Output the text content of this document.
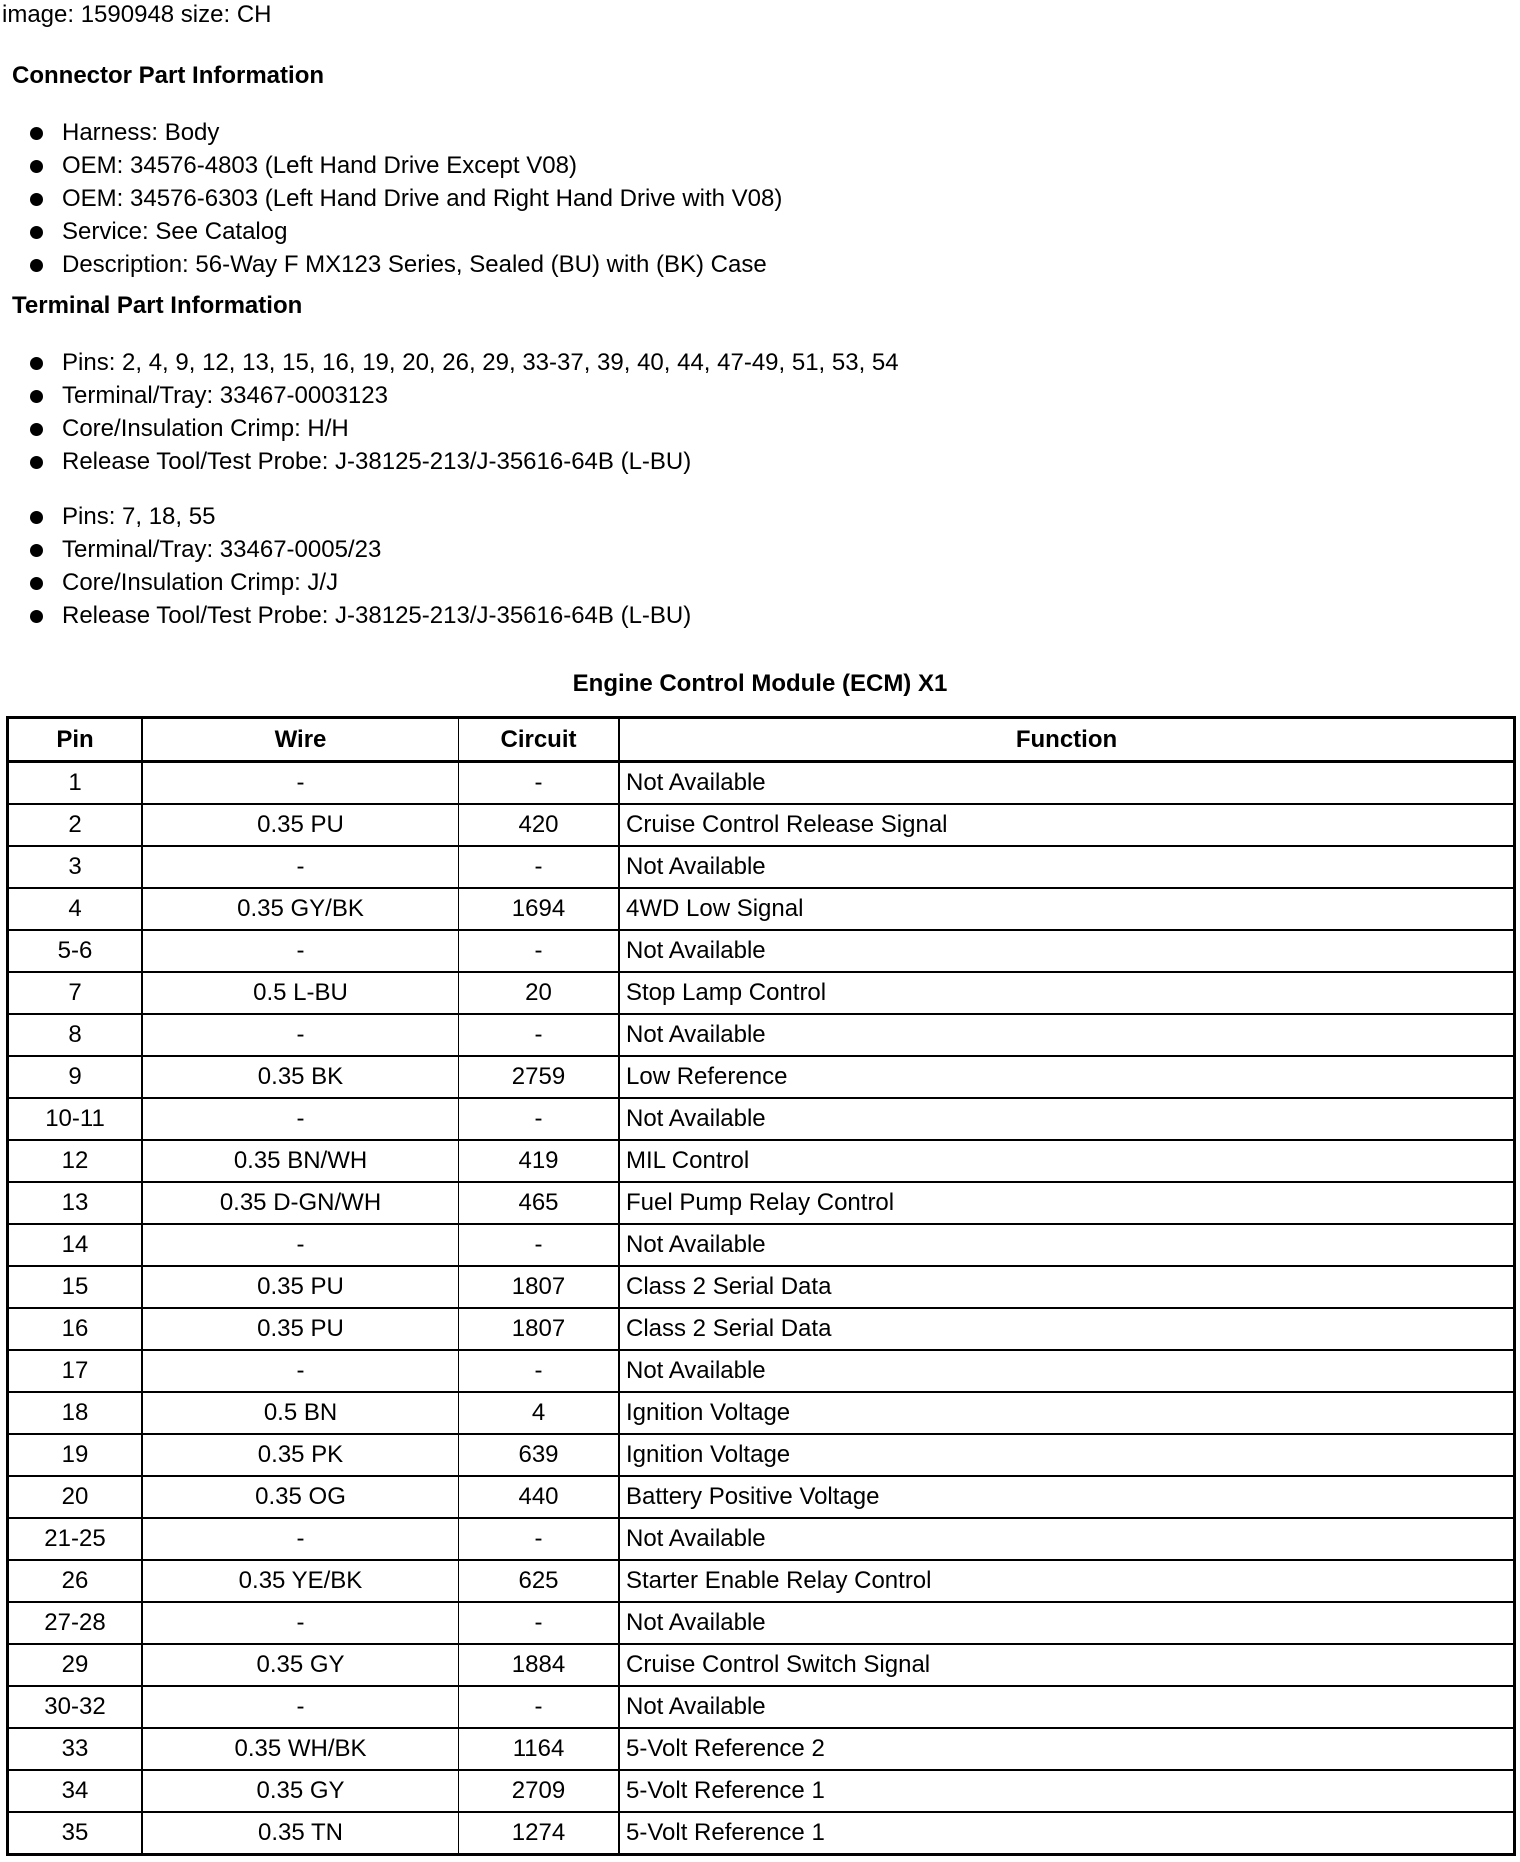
image: 1590948 size: CH
Connector Part Information
Harness: Body
OEM: 34576-4803 (Left Hand Drive Except V08)
OEM: 34576-6303 (Left Hand Drive and Right Hand Drive with V08)
Service: See Catalog
Description: 56-Way F MX123 Series, Sealed (BU) with (BK) Case
Terminal Part Information
Pins: 2, 4, 9, 12, 13, 15, 16, 19, 20, 26, 29, 33-37, 39, 40, 44, 47-49, 51, 53, 54
Terminal/Tray: 33467-0003123
Core/Insulation Crimp: H/H
Release Tool/Test Probe: J-38125-213/J-35616-64B (L-BU)
Pins: 7, 18, 55
Terminal/Tray: 33467-0005/23
Core/Insulation Crimp: J/J
Release Tool/Test Probe: J-38125-213/J-35616-64B (L-BU)
Engine Control Module (ECM) X1
Pin	Wire	Circuit	Function
1	-	-	Not Available
2	0.35 PU	420	Cruise Control Release Signal
3	-	-	Not Available
4	0.35 GY/BK	1694	4WD Low Signal
5-6	-	-	Not Available
7	0.5 L-BU	20	Stop Lamp Control
8	-	-	Not Available
9	0.35 BK	2759	Low Reference
10-11	-	-	Not Available
12	0.35 BN/WH	419	MIL Control
13	0.35 D-GN/WH	465	Fuel Pump Relay Control
14	-	-	Not Available
15	0.35 PU	1807	Class 2 Serial Data
16	0.35 PU	1807	Class 2 Serial Data
17	-	-	Not Available
18	0.5 BN	4	Ignition Voltage
19	0.35 PK	639	Ignition Voltage
20	0.35 OG	440	Battery Positive Voltage
21-25	-	-	Not Available
26	0.35 YE/BK	625	Starter Enable Relay Control
27-28	-	-	Not Available
29	0.35 GY	1884	Cruise Control Switch Signal
30-32	-	-	Not Available
33	0.35 WH/BK	1164	5-Volt Reference 2
34	0.35 GY	2709	5-Volt Reference 1
35	0.35 TN	1274	5-Volt Reference 1
